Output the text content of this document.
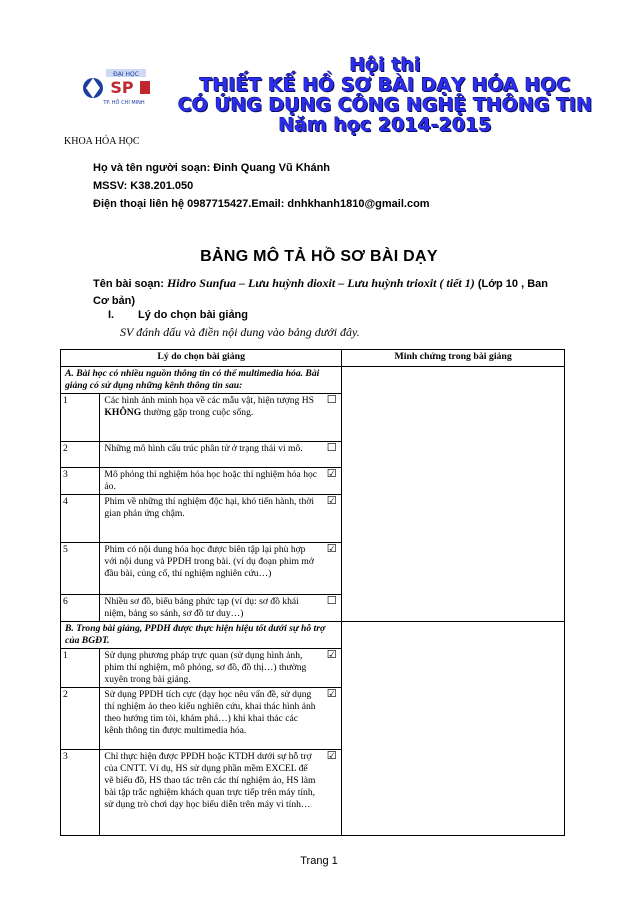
ĐẠI HỌC
SP
TP. HỒ CHÍ MINH
KHOA HÓA HỌC
Hội thi
THIẾT KẾ HỒ SƠ BÀI DẠY HÓA HỌC
CÓ ỨNG DỤNG CÔNG NGHỆ THÔNG TIN
Năm học 2014-2015
Họ và tên người soạn: Đinh Quang Vũ Khánh
MSSV: K38.201.050
Điện thoại liên hệ 0987715427.Email: dnhkhanh1810@gmail.com
BẢNG MÔ TẢ HỒ SƠ BÀI DẠY
Tên bài soạn: Hidro Sunfua – Lưu huỳnh dioxit – Lưu huỳnh trioxit ( tiết 1) (Lớp 10 , Ban Cơ bản)
I. Lý do chọn bài giảng
SV đánh dấu và điền nội dung vào bảng dưới đây.
Lý do chọn bài giảng			Minh chứng trong bài giảng
A. Bài học có nhiều nguồn thông tin có thể multimedia hóa. Bài giảng có sử dụng những kênh thông tin sau:			
1	Các hình ảnh minh họa về các mẫu vật, hiện tượng HS KHÔNG thường gặp trong cuộc sống.	☐	
2	Những mô hình cấu trúc phân tử ở trạng thái vi mô.	☐	
3	Mô phỏng thí nghiệm hóa học hoặc thí nghiệm hóa học ảo.	☑	
4	Phim về những thí nghiệm độc hại, khó tiến hành, thời gian phản ứng chậm.	☑	
5	Phim có nội dung hóa học được biên tập lại phù hợp với nội dung và PPDH trong bài. (ví dụ đoạn phim mở đầu bài, củng cố, thí nghiệm nghiên cứu…)	☑	
6	Nhiều sơ đồ, biểu bảng phức tạp (ví dụ: sơ đồ khái niệm, bảng so sánh, sơ đồ tư duy…)	☐	
B. Trong bài giảng, PPDH được thực hiện hiệu tốt dưới sự hỗ trợ của BGĐT.			
1	Sử dụng phương pháp trực quan (sử dụng hình ảnh, phim thí nghiệm, mô phỏng, sơ đồ, đồ thị…) thường xuyên trong bài giảng.	☑	
2	Sử dụng PPDH tích cực (dạy học nêu vấn đề, sử dụng thí nghiệm ảo theo kiểu nghiên cứu, khai thác hình ảnh theo hướng tìm tòi, khám phá…) khi khai thác các kênh thông tin được multimedia hóa.	☑	
3	Chỉ thực hiện được PPDH hoặc KTDH dưới sự hỗ trợ của CNTT. Ví dụ, HS sử dụng phần mềm EXCEL để vẽ biểu đồ, HS thao tác trên các thí nghiệm ảo, HS làm bài tập trắc nghiệm khách quan trực tiếp trên máy tính, sử dụng trò chơi dạy học biểu diễn trên máy vi tính…	☑	
Trang 1
